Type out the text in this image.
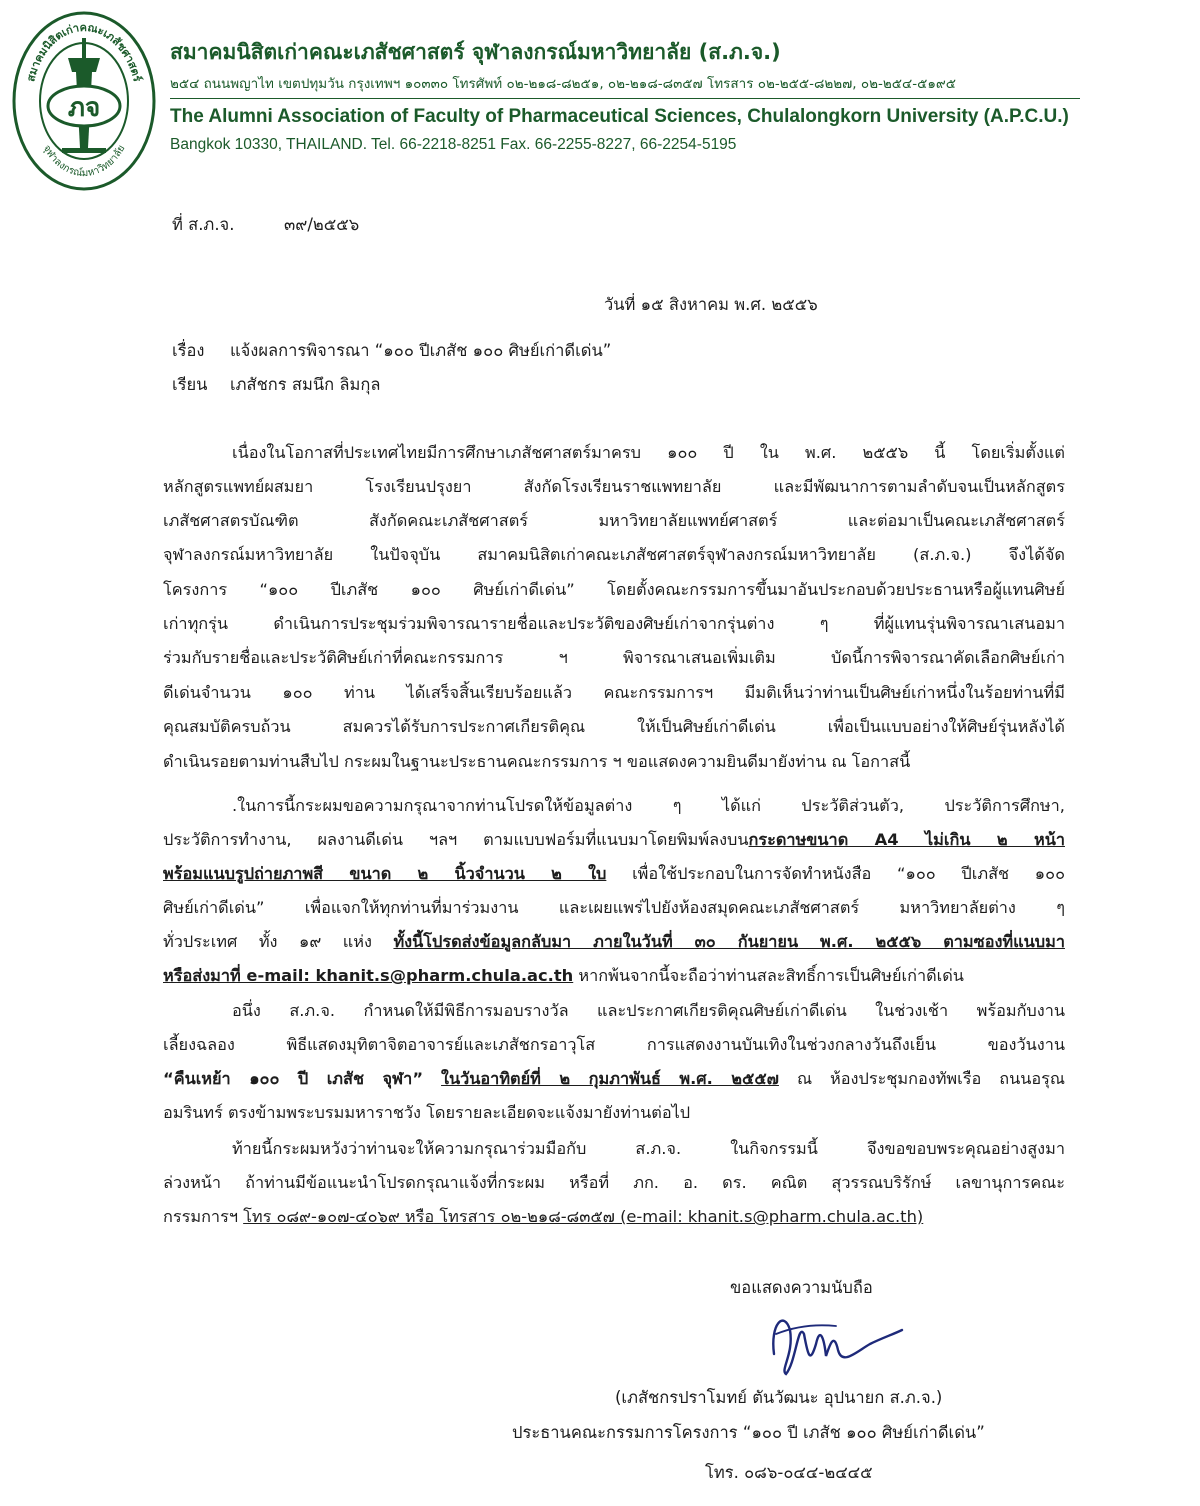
สมาคมนิสิตเก่าคณะเภสัชศาสตร์
จุฬาลงกรณ์มหาวิทยาลัย
ภจ
สมาคมนิสิตเก่าคณะเภสัชศาสตร์ จุฬาลงกรณ์มหาวิทยาลัย (ส.ภ.จ.)
๒๕๔ ถนนพญาไท เขตปทุมวัน กรุงเทพฯ ๑๐๓๓๐ โทรศัพท์ ๐๒-๒๑๘-๘๒๕๑, ๐๒-๒๑๘-๘๓๕๗ โทรสาร ๐๒-๒๕๕-๘๒๒๗, ๐๒-๒๕๔-๕๑๙๕
The Alumni Association of Faculty of Pharmaceutical Sciences, Chulalongkorn University (A.P.C.U.)
Bangkok 10330, THAILAND. Tel. 66-2218-8251 Fax. 66-2255-8227, 66-2254-5195
ที่ ส.ภ.จ.	๓๙/๒๕๕๖
วันที่ ๑๕ สิงหาคม พ.ศ. ๒๕๕๖
เรื่อง แจ้งผลการพิจารณา “๑๐๐ ปีเภสัช ๑๐๐ ศิษย์เก่าดีเด่น”
เรียน เภสัชกร สมนึก ลิมกุล
เนื่องในโอกาสที่ประเทศไทยมีการศึกษาเภสัชศาสตร์มาครบ ๑๐๐ ปี ใน พ.ศ. ๒๕๕๖ นี้ โดยเริ่มตั้งแต่
หลักสูตรแพทย์ผสมยา โรงเรียนปรุงยา สังกัดโรงเรียนราชแพทยาลัย และมีพัฒนาการตามลำดับจนเป็นหลักสูตร
เภสัชศาสตรบัณฑิต สังกัดคณะเภสัชศาสตร์ มหาวิทยาลัยแพทย์ศาสตร์ และต่อมาเป็นคณะเภสัชศาสตร์
จุฬาลงกรณ์มหาวิทยาลัย ในปัจจุบัน สมาคมนิสิตเก่าคณะเภสัชศาสตร์จุฬาลงกรณ์มหาวิทยาลัย (ส.ภ.จ.) จึงได้จัด
โครงการ “๑๐๐ ปีเภสัช ๑๐๐ ศิษย์เก่าดีเด่น” โดยตั้งคณะกรรมการขึ้นมาอันประกอบด้วยประธานหรือผู้แทนศิษย์
เก่าทุกรุ่น ดำเนินการประชุมร่วมพิจารณารายชื่อและประวัติของศิษย์เก่าจากรุ่นต่าง ๆ ที่ผู้แทนรุ่นพิจารณาเสนอมา
ร่วมกับรายชื่อและประวัติศิษย์เก่าที่คณะกรรมการ ฯ พิจารณาเสนอเพิ่มเติม บัดนี้การพิจารณาคัดเลือกศิษย์เก่า
ดีเด่นจำนวน ๑๐๐ ท่าน ได้เสร็จสิ้นเรียบร้อยแล้ว คณะกรรมการฯ มีมติเห็นว่าท่านเป็นศิษย์เก่าหนึ่งในร้อยท่านที่มี
คุณสมบัติครบถ้วน สมควรได้รับการประกาศเกียรติคุณ ให้เป็นศิษย์เก่าดีเด่น เพื่อเป็นแบบอย่างให้ศิษย์รุ่นหลังได้
ดำเนินรอยตามท่านสืบไป กระผมในฐานะประธานคณะกรรมการ ฯ ขอแสดงความยินดีมายังท่าน ณ โอกาสนี้
.ในการนี้กระผมขอความกรุณาจากท่านโปรดให้ข้อมูลต่าง ๆ ได้แก่ ประวัติส่วนตัว, ประวัติการศึกษา,
ประวัติการทำงาน, ผลงานดีเด่น ฯลฯ ตามแบบฟอร์มที่แนบมาโดยพิมพ์ลงบนกระดาษขนาด A4 ไม่เกิน ๒ หน้า
พร้อมแนบรูปถ่ายภาพสี ขนาด ๒ นิ้วจำนวน ๒ ใบ เพื่อใช้ประกอบในการจัดทำหนังสือ “๑๐๐ ปีเภสัช ๑๐๐
ศิษย์เก่าดีเด่น” เพื่อแจกให้ทุกท่านที่มาร่วมงาน และเผยแพร่ไปยังห้องสมุดคณะเภสัชศาสตร์ มหาวิทยาลัยต่าง ๆ
ทั่วประเทศ ทั้ง ๑๙ แห่ง ทั้งนี้โปรดส่งข้อมูลกลับมา ภายในวันที่ ๓๐ กันยายน พ.ศ. ๒๕๕๖ ตามซองที่แนบมา
หรือส่งมาที่ e-mail: khanit.s@pharm.chula.ac.th หากพ้นจากนี้จะถือว่าท่านสละสิทธิ์การเป็นศิษย์เก่าดีเด่น
อนึ่ง ส.ภ.จ. กำหนดให้มีพิธีการมอบรางวัล และประกาศเกียรติคุณศิษย์เก่าดีเด่น ในช่วงเช้า พร้อมกับงาน
เลี้ยงฉลอง พิธีแสดงมุทิตาจิตอาจารย์และเภสัชกรอาวุโส การแสดงงานบันเทิงในช่วงกลางวันถึงเย็น ของวันงาน
“คืนเหย้า ๑๐๐ ปี เภสัช จุฬา” ในวันอาทิตย์ที่ ๒ กุมภาพันธ์ พ.ศ. ๒๕๕๗ ณ ห้องประชุมกองทัพเรือ ถนนอรุณ
อมรินทร์ ตรงข้ามพระบรมมหาราชวัง โดยรายละเอียดจะแจ้งมายังท่านต่อไป
ท้ายนี้กระผมหวังว่าท่านจะให้ความกรุณาร่วมมือกับ ส.ภ.จ. ในกิจกรรมนี้ จึงขอขอบพระคุณอย่างสูงมา
ล่วงหน้า ถ้าท่านมีข้อแนะนำโปรดกรุณาแจ้งที่กระผม หรือที่ ภก. อ. ดร. คณิต สุวรรณบริรักษ์ เลขานุการคณะ
กรรมการฯ โทร ๐๘๙-๑๐๗-๔๐๖๙ หรือ โทรสาร ๐๒-๒๑๘-๘๓๕๗ (e-mail: khanit.s@pharm.chula.ac.th)
ขอแสดงความนับถือ
(เภสัชกรปราโมทย์ ตันวัฒนะ อุปนายก ส.ภ.จ.)
ประธานคณะกรรมการโครงการ “๑๐๐ ปี เภสัช ๑๐๐ ศิษย์เก่าดีเด่น”
โทร. ๐๘๖-๐๔๔-๒๔๔๕
